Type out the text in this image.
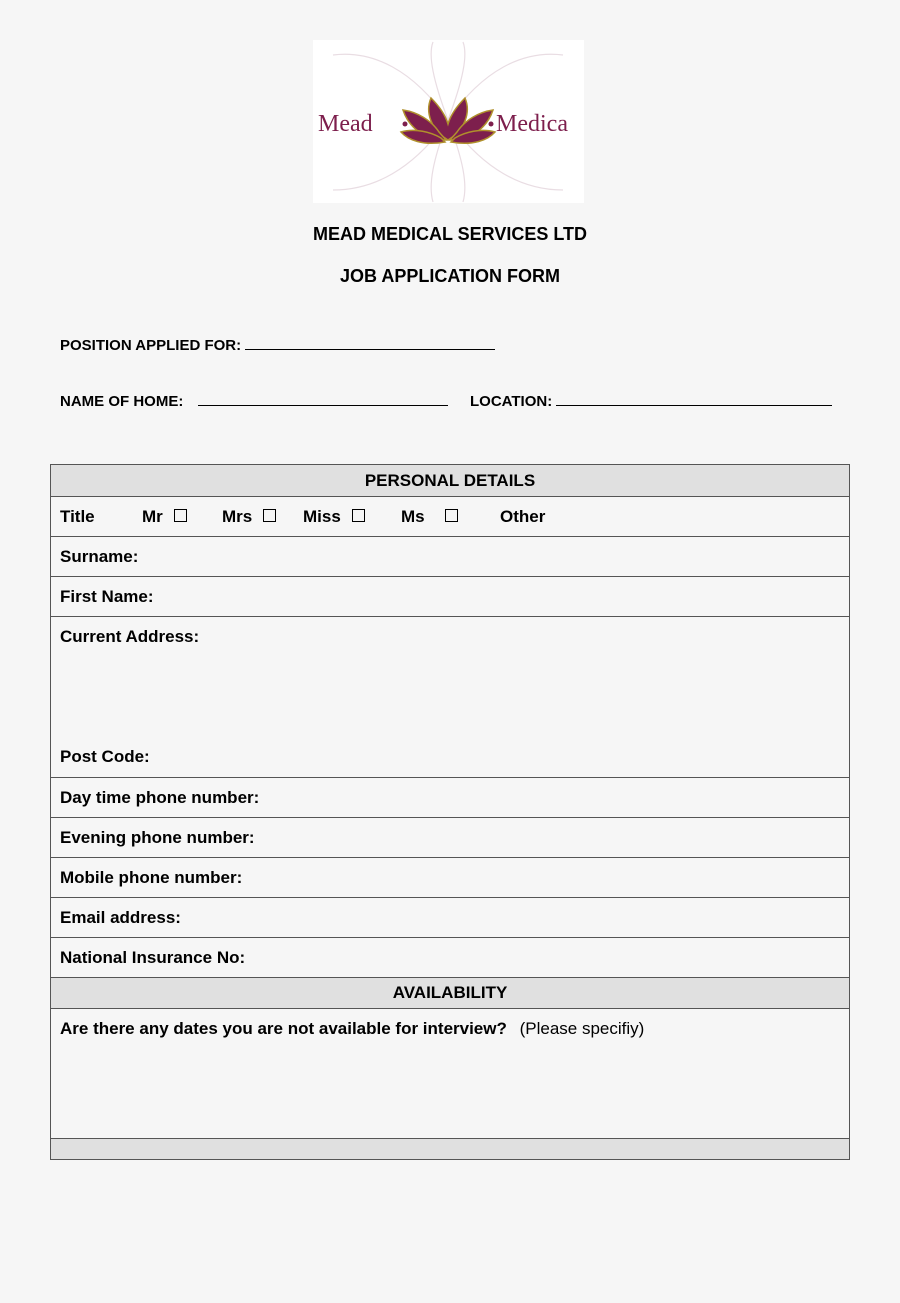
Mead	Medica
MEAD MEDICAL SERVICES LTD
JOB APPLICATION FORM
POSITION APPLIED FOR:
NAME OF HOME:	LOCATION:
PERSONAL DETAILS
Title	Mr	Mrs	Miss	Ms	Other
Surname:
First Name:
Current Address:
Post Code:
Day time phone number:
Evening phone number:
Mobile phone number:
Email address:
National Insurance No:
AVAILABILITY
Are there any dates you are not available for interview? (Please specifiy)
